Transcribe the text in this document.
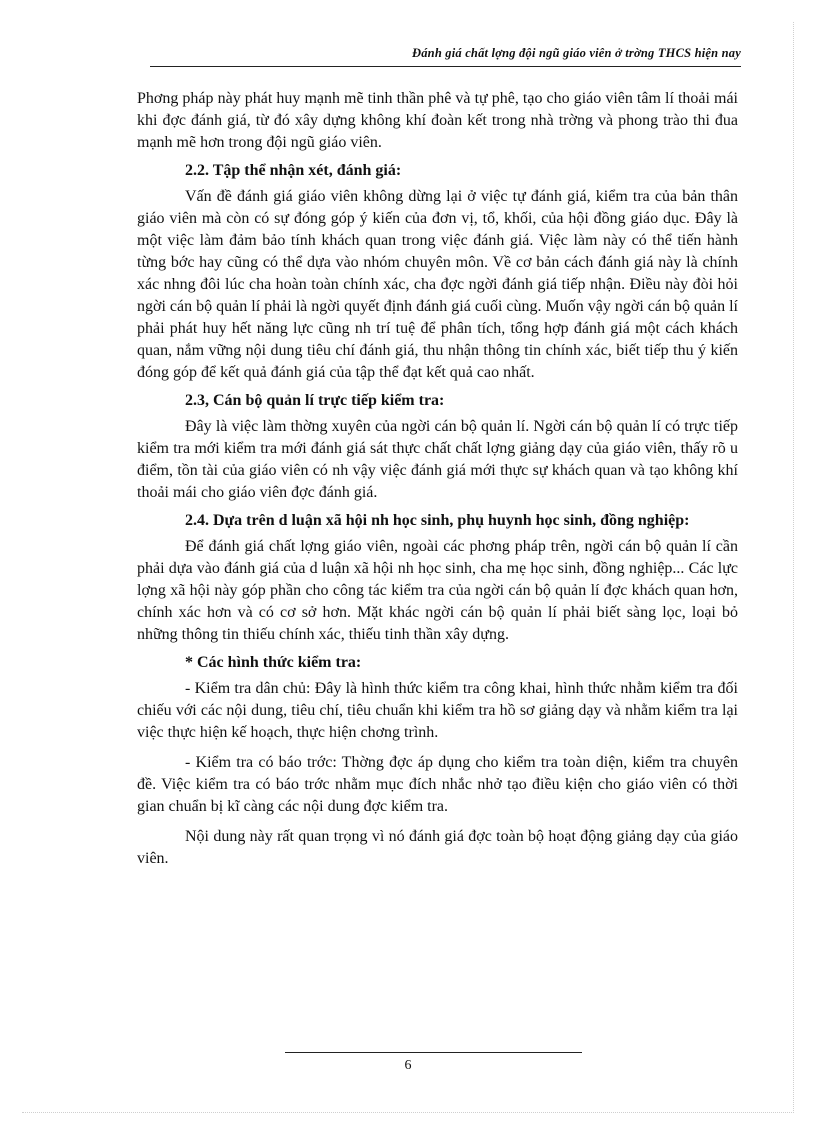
Đánh giá chất lợng đội ngũ giáo viên ở trờng THCS hiện nay

Phơng pháp này phát huy mạnh mẽ tinh thần phê và tự phê, tạo cho giáo viên tâm lí thoải mái khi đợc đánh giá, từ đó xây dựng không khí đoàn kết trong nhà trờng và phong trào thi đua mạnh mẽ hơn trong đội ngũ giáo viên.

2.2. Tập thể nhận xét, đánh giá:

Vấn đề đánh giá giáo viên không dừng lại ở việc tự đánh giá, kiểm tra của bản thân giáo viên mà còn có sự đóng góp ý kiến của đơn vị, tổ, khối, của hội đồng giáo dục. Đây là một việc làm đảm bảo tính khách quan trong việc đánh giá. Việc làm này có thể tiến hành từng bớc hay cũng có thể dựa vào nhóm chuyên môn. Về cơ bản cách đánh giá này là chính xác nhng đôi lúc cha hoàn toàn chính xác, cha đợc ngời đánh giá tiếp nhận. Điều này đòi hỏi ngời cán bộ quản lí phải là ngời quyết định đánh giá cuối cùng. Muốn vậy ngời cán bộ quản lí phải phát huy hết năng lực cũng nh trí tuệ để phân tích, tổng hợp đánh giá một cách khách quan, nắm vững nội dung tiêu chí đánh giá, thu nhận thông tin chính xác, biết tiếp thu ý kiến đóng góp để kết quả đánh giá của tập thể đạt kết quả cao nhất.

2.3, Cán bộ quản lí trực tiếp kiểm tra:

Đây là việc làm thờng xuyên của ngời cán bộ quản lí. Ngời cán bộ quản lí có trực tiếp kiểm tra mới kiểm tra mới đánh giá sát thực chất chất lợng giảng dạy của giáo viên, thấy rõ u điểm, tồn tài của giáo viên có nh vậy việc đánh giá mới thực sự khách quan và tạo không khí thoải mái cho giáo viên đợc đánh giá.

2.4. Dựa trên d luận xã hội nh học sinh, phụ huynh học sinh, đồng nghiệp:

Để đánh giá chất lợng giáo viên, ngoài các phơng pháp trên, ngời cán bộ quản lí cần phải dựa vào đánh giá của d luận xã hội nh học sinh, cha mẹ học sinh, đồng nghiệp... Các lực lợng xã hội này góp phần cho công tác kiểm tra của ngời cán bộ quản lí đợc khách quan hơn, chính xác hơn và có cơ sở hơn. Mặt khác ngời cán bộ quản lí phải biết sàng lọc, loại bỏ những thông tin thiếu chính xác, thiếu tinh thần xây dựng.

* Các hình thức kiểm tra:

- Kiểm tra dân chủ: Đây là hình thức kiểm tra công khai, hình thức nhằm kiểm tra đối chiếu với các nội dung, tiêu chí, tiêu chuẩn khi kiểm tra hồ sơ giảng dạy và nhằm kiểm tra lại việc thực hiện kế hoạch, thực hiện chơng trình.

- Kiểm tra có báo trớc: Thờng đợc áp dụng cho kiểm tra toàn diện, kiểm tra chuyên đề. Việc kiểm tra có báo trớc nhằm mục đích nhắc nhở tạo điều kiện cho giáo viên có thời gian chuẩn bị kĩ càng các nội dung đợc kiểm tra.

Nội dung này rất quan trọng vì nó đánh giá đợc toàn bộ hoạt động giảng dạy của giáo viên.

6
